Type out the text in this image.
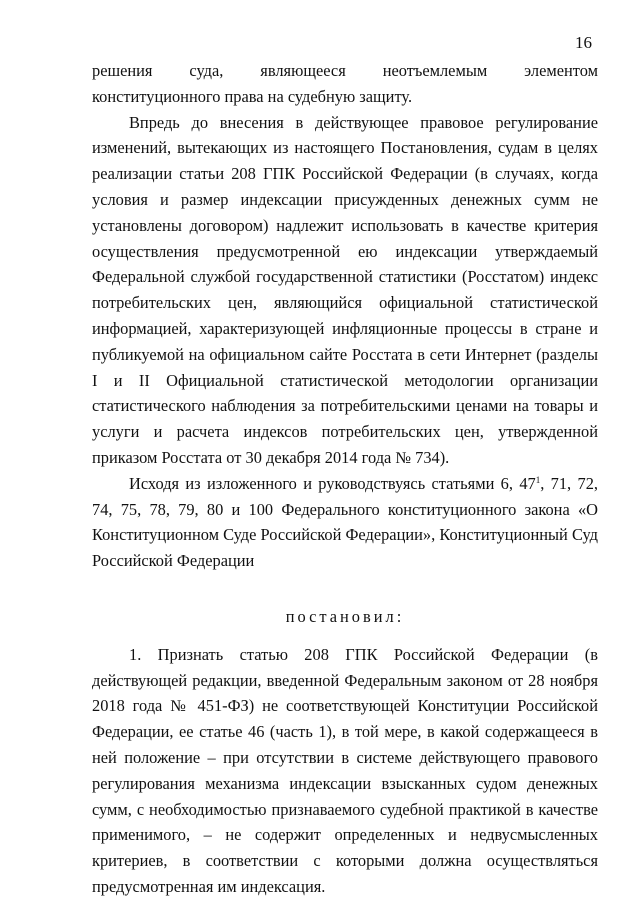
16

решения суда, являющееся неотъемлемым элементом конституционного права на судебную защиту.

Впредь до внесения в действующее правовое регулирование изменений, вытекающих из настоящего Постановления, судам в целях реализации статьи 208 ГПК Российской Федерации (в случаях, когда условия и размер индексации присужденных денежных сумм не установлены договором) надлежит использовать в качестве критерия осуществления предусмотренной ею индексации утверждаемый Федеральной службой государственной статистики (Росстатом) индекс потребительских цен, являющийся официальной статистической информацией, характеризующей инфляционные процессы в стране и публикуемой на официальном сайте Росстата в сети Интернет (разделы I и II Официальной статистической методологии организации статистического наблюдения за потребительскими ценами на товары и услуги и расчета индексов потребительских цен, утвержденной приказом Росстата от 30 декабря 2014 года № 734).

Исходя из изложенного и руководствуясь статьями 6, $47^1$, 71, 72, 74, 75, 78, 79, 80 и 100 Федерального конституционного закона «О Конституционном Суде Российской Федерации», Конституционный Суд Российской Федерации

постановил:

1. Признать статью 208 ГПК Российской Федерации (в действующей редакции, введенной Федеральным законом от 28 ноября 2018 года № 451-ФЗ) не соответствующей Конституции Российской Федерации, ее статье 46 (часть 1), в той мере, в какой содержащееся в ней положение – при отсутствии в системе действующего правового регулирования механизма индексации взысканных судом денежных сумм, с необходимостью признаваемого судебной практикой в качестве применимого, – не содержит определенных и недвусмысленных критериев, в соответствии с которыми должна осуществляться предусмотренная им индексация.
